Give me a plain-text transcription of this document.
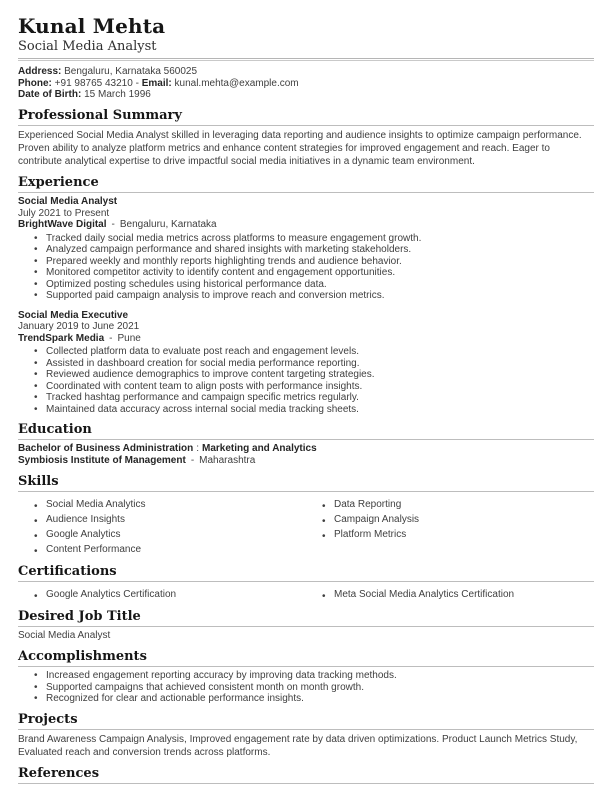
Kunal Mehta
Social Media Analyst
Address: Bengaluru, Karnataka 560025
Phone: +91 98765 43210 - Email: kunal.mehta@example.com
Date of Birth: 15 March 1996
Professional Summary
Experienced Social Media Analyst skilled in leveraging data reporting and audience insights to optimize campaign performance. Proven ability to analyze platform metrics and enhance content strategies for improved engagement and reach. Eager to contribute analytical expertise to drive impactful social media initiatives in a dynamic team environment.
Experience
Social Media Analyst
July 2021 to Present
BrightWave Digital - Bengaluru, Karnataka
• Tracked daily social media metrics across platforms to measure engagement growth.
• Analyzed campaign performance and shared insights with marketing stakeholders.
• Prepared weekly and monthly reports highlighting trends and audience behavior.
• Monitored competitor activity to identify content and engagement opportunities.
• Optimized posting schedules using historical performance data.
• Supported paid campaign analysis to improve reach and conversion metrics.
Social Media Executive
January 2019 to June 2021
TrendSpark Media - Pune
• Collected platform data to evaluate post reach and engagement levels.
• Assisted in dashboard creation for social media performance reporting.
• Reviewed audience demographics to improve content targeting strategies.
• Coordinated with content team to align posts with performance insights.
• Tracked hashtag performance and campaign specific metrics regularly.
• Maintained data accuracy across internal social media tracking sheets.
Education
Bachelor of Business Administration : Marketing and Analytics
Symbiosis Institute of Management - Maharashtra
Skills
• Social Media Analytics
• Audience Insights
• Google Analytics
• Content Performance
• Data Reporting
• Campaign Analysis
• Platform Metrics
Certifications
• Google Analytics Certification	• Meta Social Media Analytics Certification
Desired Job Title
Social Media Analyst
Accomplishments
• Increased engagement reporting accuracy by improving data tracking methods.
• Supported campaigns that achieved consistent month on month growth.
• Recognized for clear and actionable performance insights.
Projects
Brand Awareness Campaign Analysis, Improved engagement rate by data driven optimizations. Product Launch Metrics Study, Evaluated reach and conversion trends across platforms.
References
